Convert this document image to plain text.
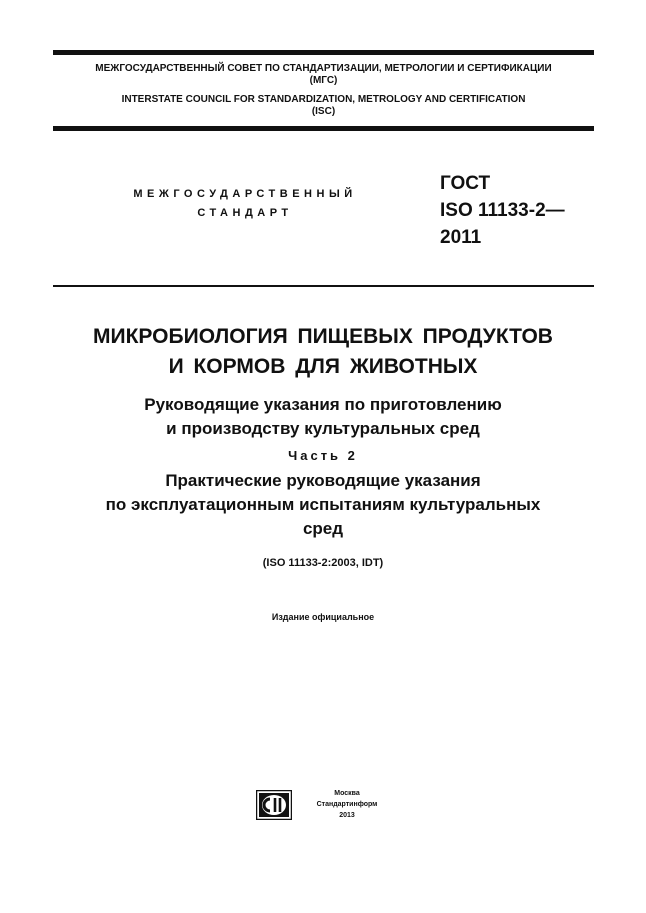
МЕЖГОСУДАРСТВЕННЫЙ СОВЕТ ПО СТАНДАРТИЗАЦИИ, МЕТРОЛОГИИ И СЕРТИФИКАЦИИ
(МГС)
INTERSTATE COUNCIL FOR STANDARDIZATION, METROLOGY AND CERTIFICATION
(ISC)
МЕЖГОСУДАРСТВЕННЫЙ
СТАНДАРТ
ГОСТ
ISO 11133-2—
2011
МИКРОБИОЛОГИЯ ПИЩЕВЫХ ПРОДУКТОВ
И КОРМОВ ДЛЯ ЖИВОТНЫХ
Руководящие указания по приготовлению
и производству культуральных сред
Часть 2
Практические руководящие указания
по эксплуатационным испытаниям культуральных
сред
(ISO 11133-2:2003, IDT)
Издание официальное
Москва
Стандартинформ
2013
